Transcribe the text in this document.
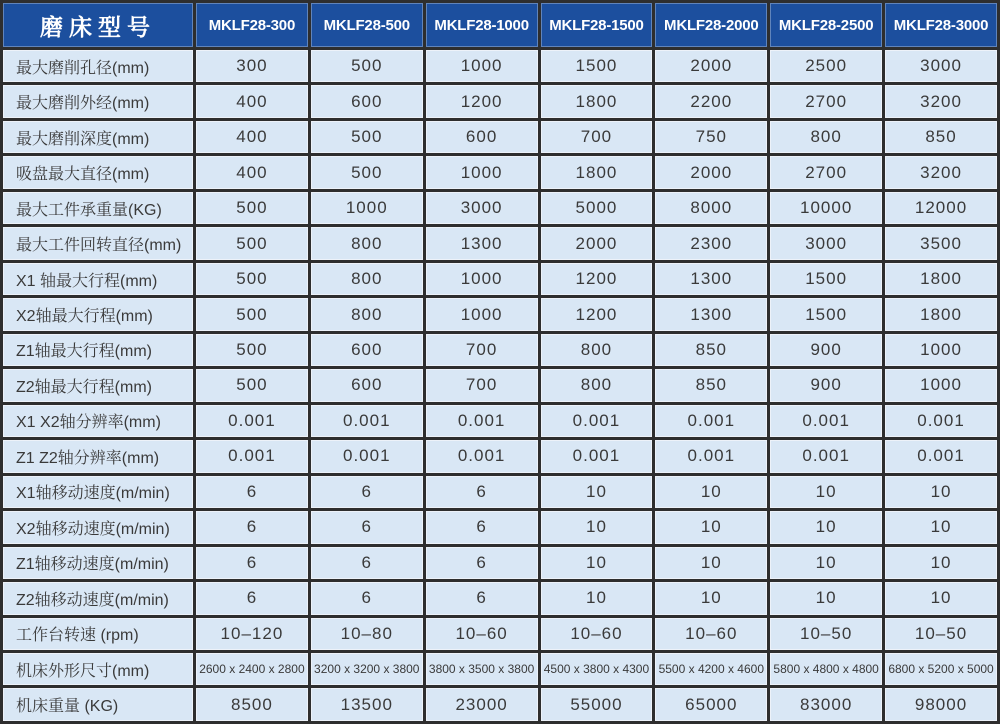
磨床型号	MKLF28-300	MKLF28-500	MKLF28-1000	MKLF28-1500	MKLF28-2000	MKLF28-2500	MKLF28-3000
最大磨削孔径(mm)	300	500	1000	1500	2000	2500	3000
最大磨削外经(mm)	400	600	1200	1800	2200	2700	3200
最大磨削深度(mm)	400	500	600	700	750	800	850
吸盘最大直径(mm)	400	500	1000	1800	2000	2700	3200
最大工件承重量(KG)	500	1000	3000	5000	8000	10000	12000
最大工件回转直径(mm)	500	800	1300	2000	2300	3000	3500
X1 轴最大行程(mm)	500	800	1000	1200	1300	1500	1800
X2轴最大行程(mm)	500	800	1000	1200	1300	1500	1800
Z1轴最大行程(mm)	500	600	700	800	850	900	1000
Z2轴最大行程(mm)	500	600	700	800	850	900	1000
X1 X2轴分辨率(mm)	0.001	0.001	0.001	0.001	0.001	0.001	0.001
Z1 Z2轴分辨率(mm)	0.001	0.001	0.001	0.001	0.001	0.001	0.001
X1轴移动速度(m/min)	6	6	6	10	10	10	10
X2轴移动速度(m/min)	6	6	6	10	10	10	10
Z1轴移动速度(m/min)	6	6	6	10	10	10	10
Z2轴移动速度(m/min)	6	6	6	10	10	10	10
工作台转速 (rpm)	10–120	10–80	10–60	10–60	10–60	10–50	10–50
机床外形尺寸(mm)	2600 x 2400 x 2800	3200 x 3200 x 3800	3800 x 3500 x 3800	4500 x 3800 x 4300	5500 x 4200 x 4600	5800 x 4800 x 4800	6800 x 5200 x 5000
机床重量 (KG)	8500	13500	23000	55000	65000	83000	98000
